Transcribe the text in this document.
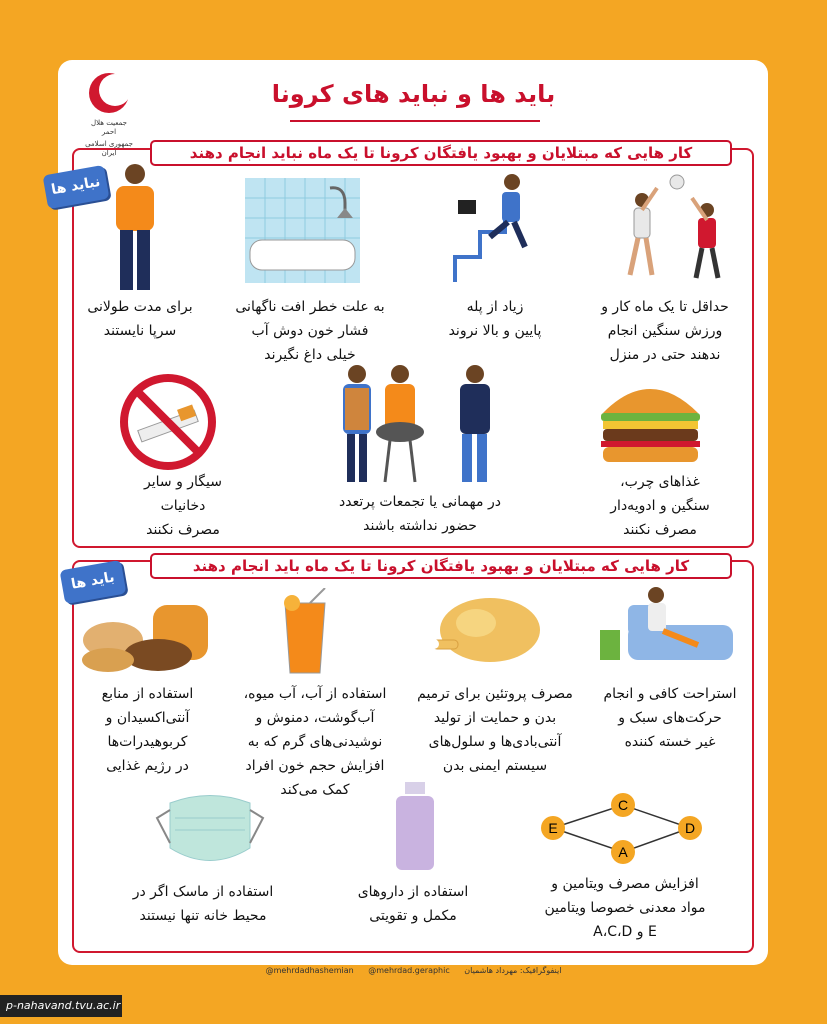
جمعیت هلال احمر
جمهوری اسلامی ایران
باید ها و نباید های کرونا
کار هایی که مبتلایان و بهبود یافتگان کرونا تا یک ماه نباید انجام دهند
نباید ها
حداقل تا یک ماه کار و
ورزش سنگین انجام
ندهند حتی در منزل
زیاد از پله
پایین و بالا نروند
به علت خطر افت ناگهانی
فشار خون دوش آب
خیلی داغ نگیرند
برای مدت طولانی
سرپا نایستند
غذاهای چرب،
سنگین و ادویه‌دار
مصرف نکنند
در مهمانی یا تجمعات پرتعدد
حضور نداشته باشند
سیگار و سایر
دخانیات
مصرف نکنند
کار هایی که مبتلایان و بهبود یافتگان کرونا تا یک ماه باید انجام دهند
باید ها
استراحت کافی و انجام
حرکت‌های سبک و
غیر خسته کننده
مصرف پروتئین برای ترمیم
بدن و حمایت از تولید
آنتی‌بادی‌ها و سلول‌های
سیستم ایمنی بدن
استفاده از آب، آب میوه،
آب‌گوشت، دمنوش و
نوشیدنی‌های گرم که به
افزایش حجم خون افراد
کمک می‌کند
استفاده از منابع
آنتی‌اکسیدان و
کربوهیدرات‌ها
در رژیم غذایی
C
E	D
A
افزایش مصرف ویتامین و
مواد معدنی خصوصا ویتامین
E و A،C،D
استفاده از داروهای
مکمل و تقویتی
استفاده از ماسک اگر در
محیط خانه تنها نیستند
@mehrdadhashemian @mehrdad.geraphic اینفوگرافیک: مهرداد هاشمیان
p-nahavand.tvu.ac.ir
